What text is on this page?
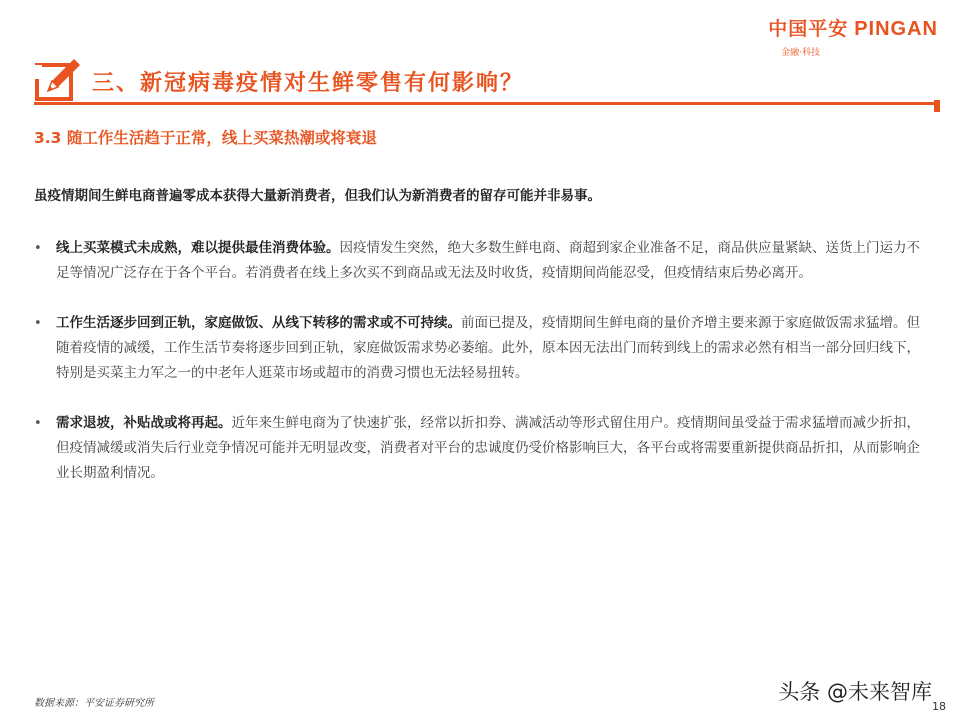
中国平安 PINGAN
金融·科技
三、新冠病毒疫情对生鲜零售有何影响？
3.3 随工作生活趋于正常，线上买菜热潮或将衰退
虽疫情期间生鲜电商普遍零成本获得大量新消费者，但我们认为新消费者的留存可能并非易事。
• 线上买菜模式未成熟，难以提供最佳消费体验。因疫情发生突然，绝大多数生鲜电商、商超到家企业准备不足，商品供应量紧缺、送货上门运力不足等情况广泛存在于各个平台。若消费者在线上多次买不到商品或无法及时收货，疫情期间尚能忍受，但疫情结束后势必离开。
• 工作生活逐步回到正轨，家庭做饭、从线下转移的需求或不可持续。前面已提及，疫情期间生鲜电商的量价齐增主要来源于家庭做饭需求猛增。但随着疫情的减缓，工作生活节奏将逐步回到正轨，家庭做饭需求势必萎缩。此外，原本因无法出门而转到线上的需求必然有相当一部分回归线下，特别是买菜主力军之一的中老年人逛菜市场或超市的消费习惯也无法轻易扭转。
• 需求退坡，补贴战或将再起。近年来生鲜电商为了快速扩张，经常以折扣券、满减活动等形式留住用户。疫情期间虽受益于需求猛增而减少折扣，但疫情减缓或消失后行业竞争情况可能并无明显改变，消费者对平台的忠诚度仍受价格影响巨大，各平台或将需要重新提供商品折扣，从而影响企业长期盈利情况。
数据来源：平安证券研究所	头条 @未来智库
18
